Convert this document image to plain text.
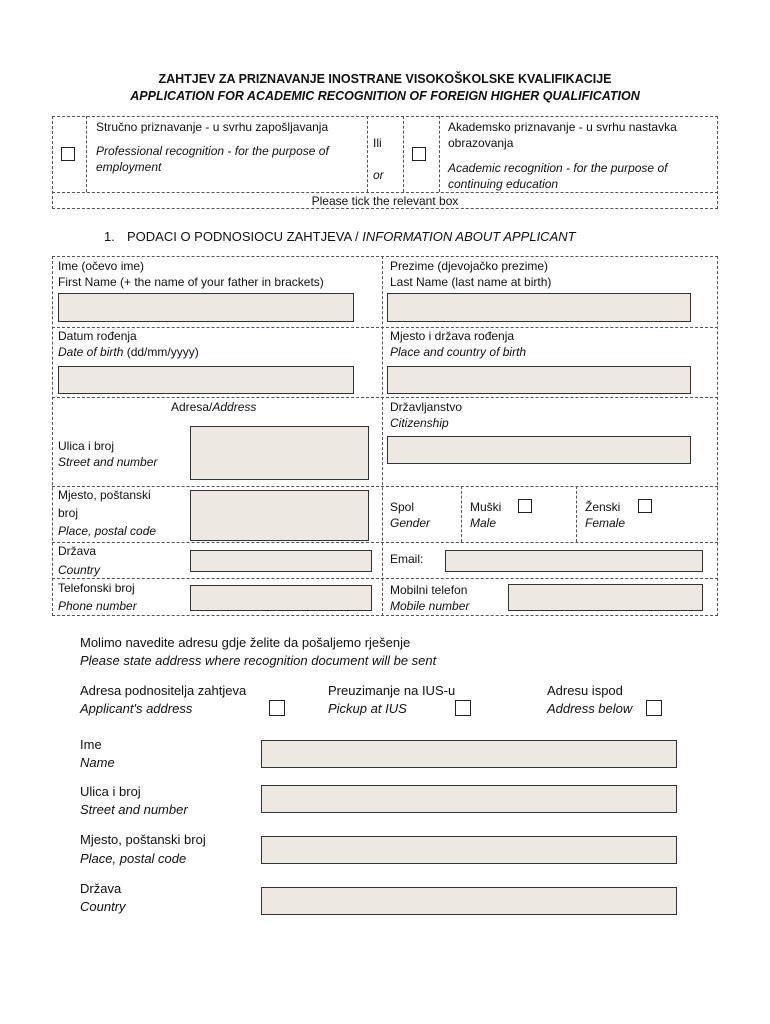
ZAHTJEV ZA PRIZNAVANJE INOSTRANE VISOKOŠKOLSKE KVALIFIKACIJE
APPLICATION FOR ACADEMIC RECOGNITION OF FOREIGN HIGHER QUALIFICATION
Stručno priznavanje - u svrhu zapošljavanja
Professional recognition - for the purpose of
employment
Ili
or
Akademsko priznavanje - u svrhu nastavka
obrazovanja
Academic recognition - for the purpose of
continuing education
Please tick the relevant box
1. PODACI O PODNOSIOCU ZAHTJEVA / INFORMATION ABOUT APPLICANT
Ime (očevo ime)
First Name (+ the name of your father in brackets)
Prezime (djevojačko prezime)
Last Name (last name at birth)
Datum rođenja
Date of birth (dd/mm/yyyy)
Mjesto i država rođenja
Place and country of birth
Adresa/Address
Ulica i broj
Street and number
Državljanstvo
Citizenship
Mjesto, poštanski
broj
Place, postal code
Spol
Gender
Muški
Male
Ženski
Female
Država
Country
Email:
Telefonski broj
Phone number
Mobilni telefon
Mobile number
Molimo navedite adresu gdje želite da pošaljemo rješenje
Please state address where recognition document will be sent
Adresa podnositelja zahtjeva
Applicant's address
Preuzimanje na IUS-u
Pickup at IUS
Adresu ispod
Address below
Ime
Name
Ulica i broj
Street and number
Mjesto, poštanski broj
Place, postal code
Država
Country
